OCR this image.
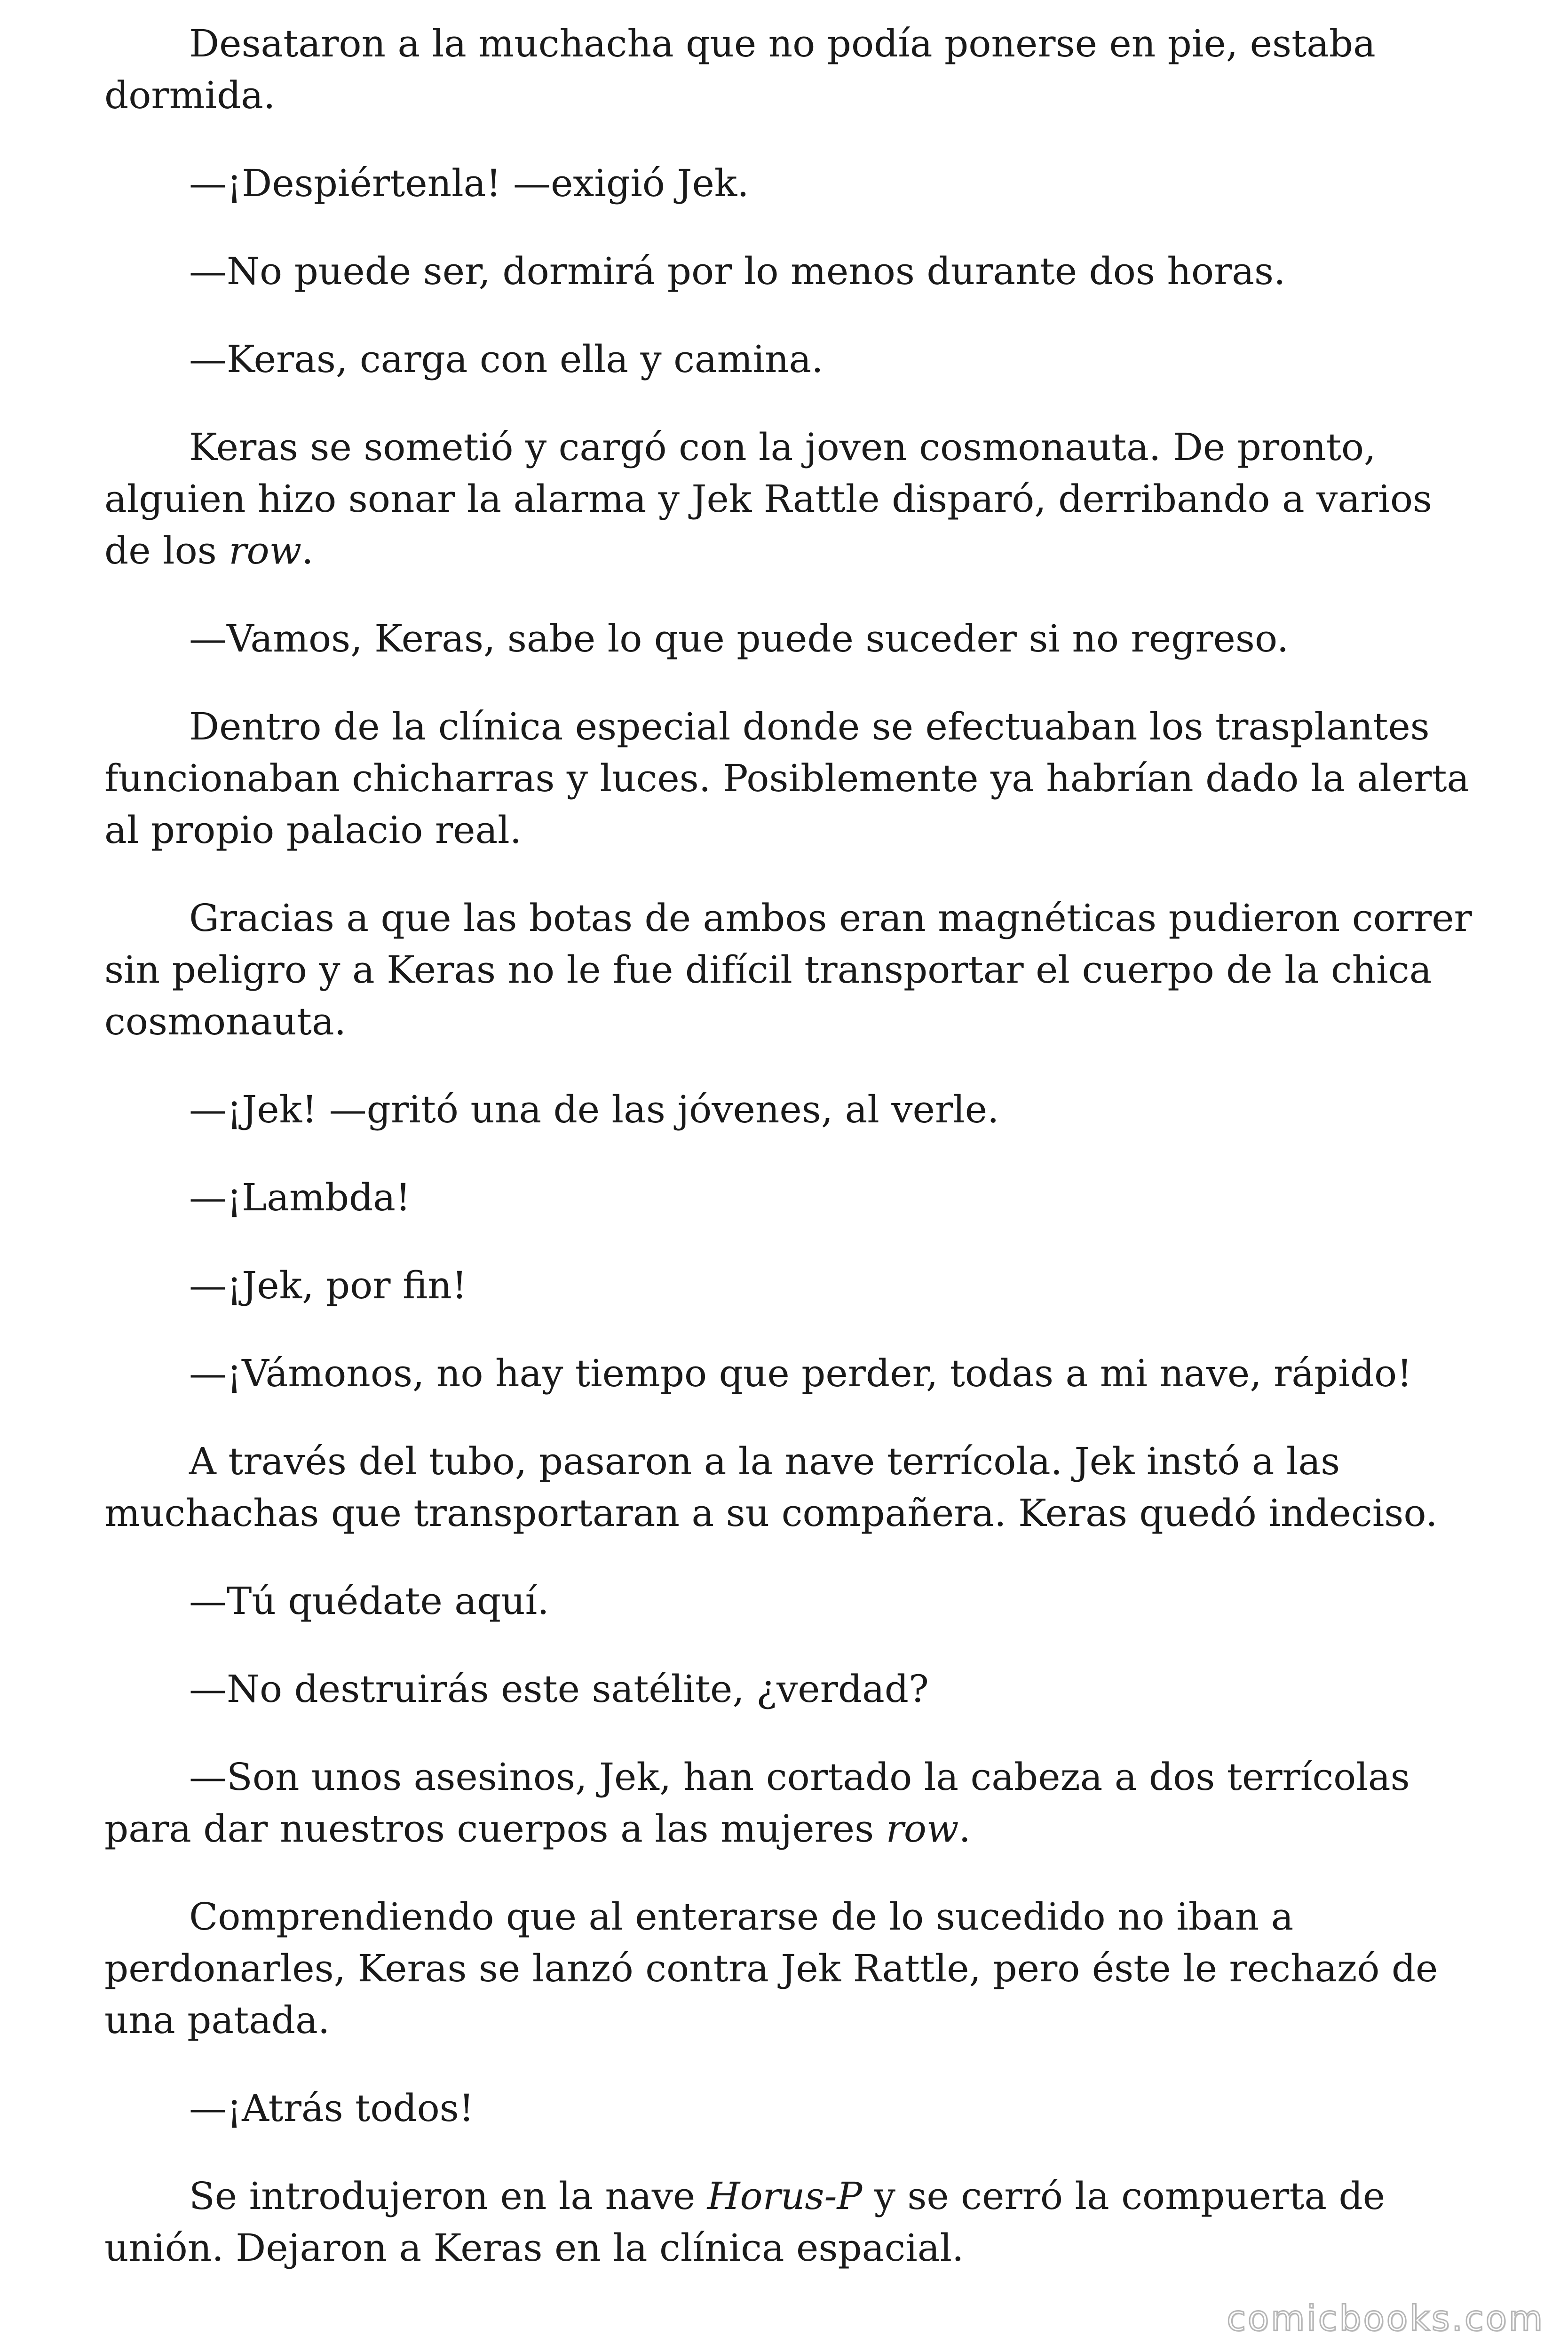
Desataron a la muchacha que no podía ponerse en pie, estaba dormida.

—¡Despiértenla! —exigió Jek.

—No puede ser, dormirá por lo menos durante dos horas.

—Keras, carga con ella y camina.

Keras se sometió y cargó con la joven cosmonauta. De pronto, alguien hizo sonar la alarma y Jek Rattle disparó, derribando a varios de los row.

—Vamos, Keras, sabe lo que puede suceder si no regreso.

Dentro de la clínica especial donde se efectuaban los trasplantes funcionaban chicharras y luces. Posiblemente ya habrían dado la alerta al propio palacio real.

Gracias a que las botas de ambos eran magnéticas pudieron correr sin peligro y a Keras no le fue difícil transportar el cuerpo de la chica cosmonauta.

—¡Jek! —gritó una de las jóvenes, al verle.

—¡Lambda!

—¡Jek, por fin!

—¡Vámonos, no hay tiempo que perder, todas a mi nave, rápido!

A través del tubo, pasaron a la nave terrícola. Jek instó a las muchachas que transportaran a su compañera. Keras quedó indeciso.

—Tú quédate aquí.

—No destruirás este satélite, ¿verdad?

—Son unos asesinos, Jek, han cortado la cabeza a dos terrícolas para dar nuestros cuerpos a las mujeres row.

Comprendiendo que al enterarse de lo sucedido no iban a perdonarles, Keras se lanzó contra Jek Rattle, pero éste le rechazó de una patada.

—¡Atrás todos!

Se introdujeron en la nave Horus-P y se cerró la compuerta de unión. Dejaron a Keras en la clínica espacial.

comicbooks.com
